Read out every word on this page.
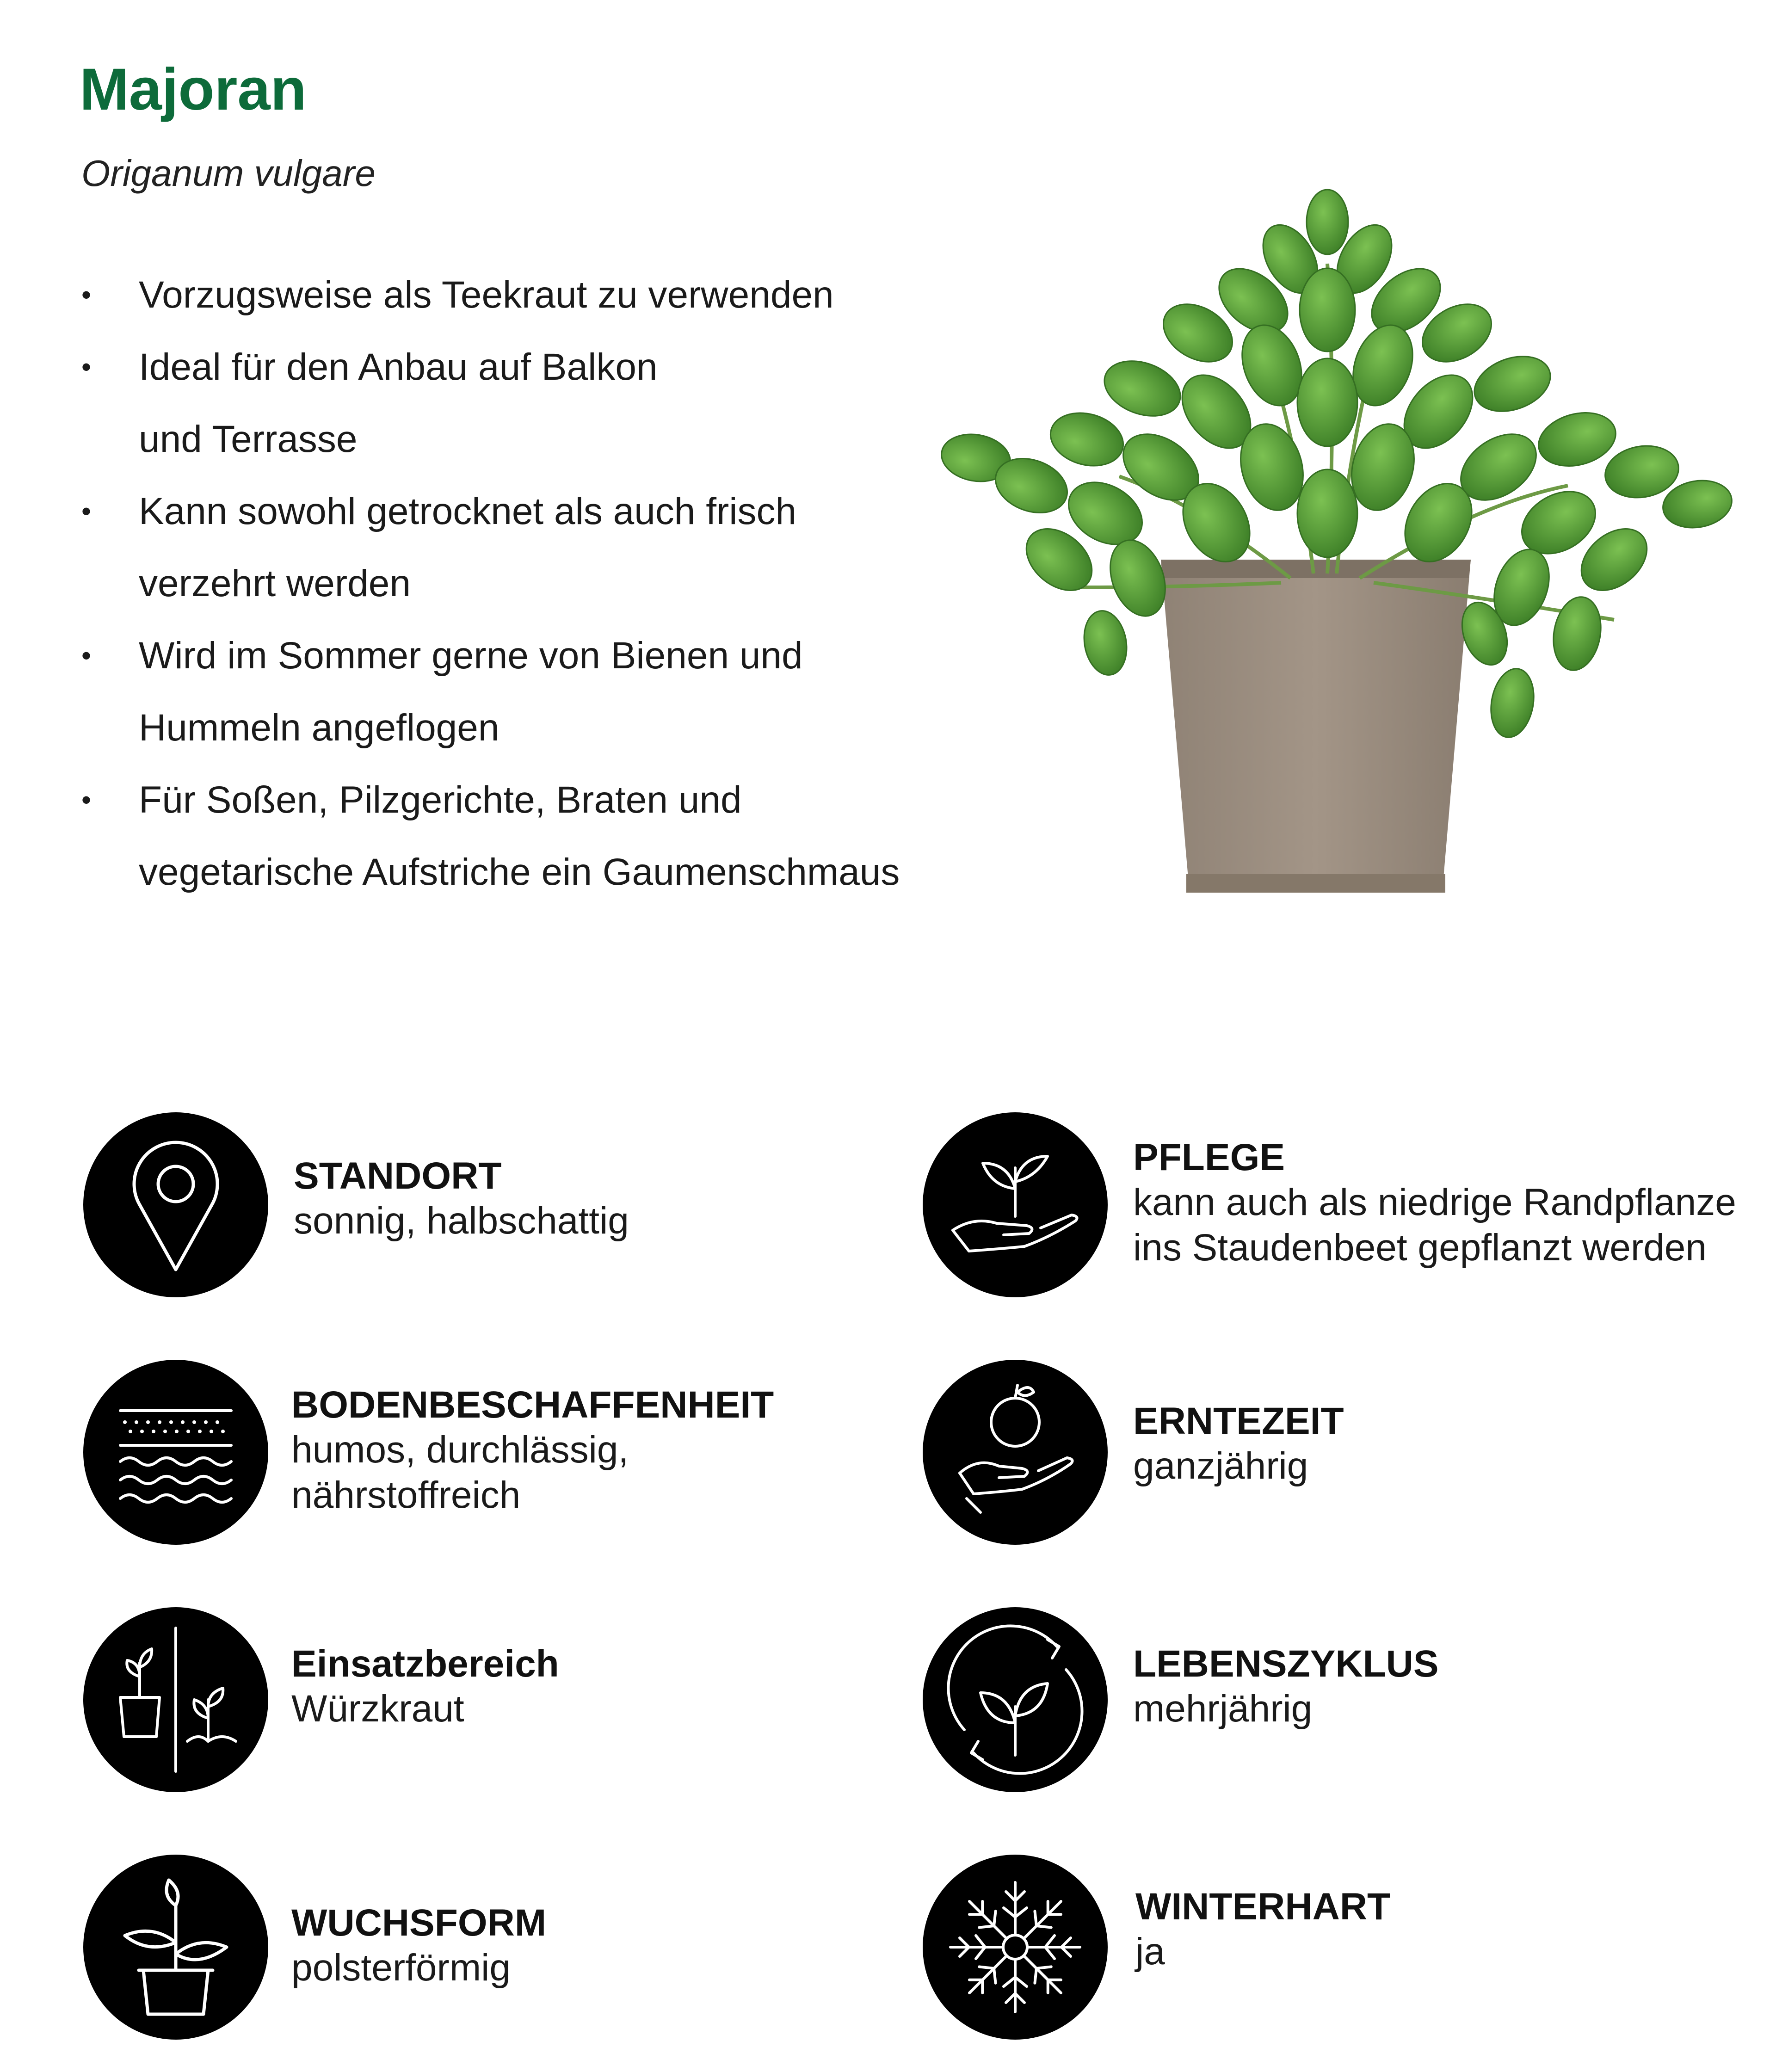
Majoran
Origanum vulgare
• Vorzugsweise als Teekraut zu verwenden
• Ideal für den Anbau auf Balkon
und Terrasse
• Kann sowohl getrocknet als auch frisch
verzehrt werden
• Wird im Sommer gerne von Bienen und
Hummeln angeflogen
• Für Soßen, Pilzgerichte, Braten und
vegetarische Aufstriche ein Gaumenschmaus
STANDORT
sonnig, halbschattig
BODENBESCHAFFENHEIT
humos, durchlässig,
nährstoffreich
Einsatzbereich
Würzkraut
WUCHSFORM
polsterförmig
PFLEGE
kann auch als niedrige Randpflanze
ins Staudenbeet gepflanzt werden
ERNTEZEIT
ganzjährig
LEBENSZYKLUS
mehrjährig
WINTERHART
ja
